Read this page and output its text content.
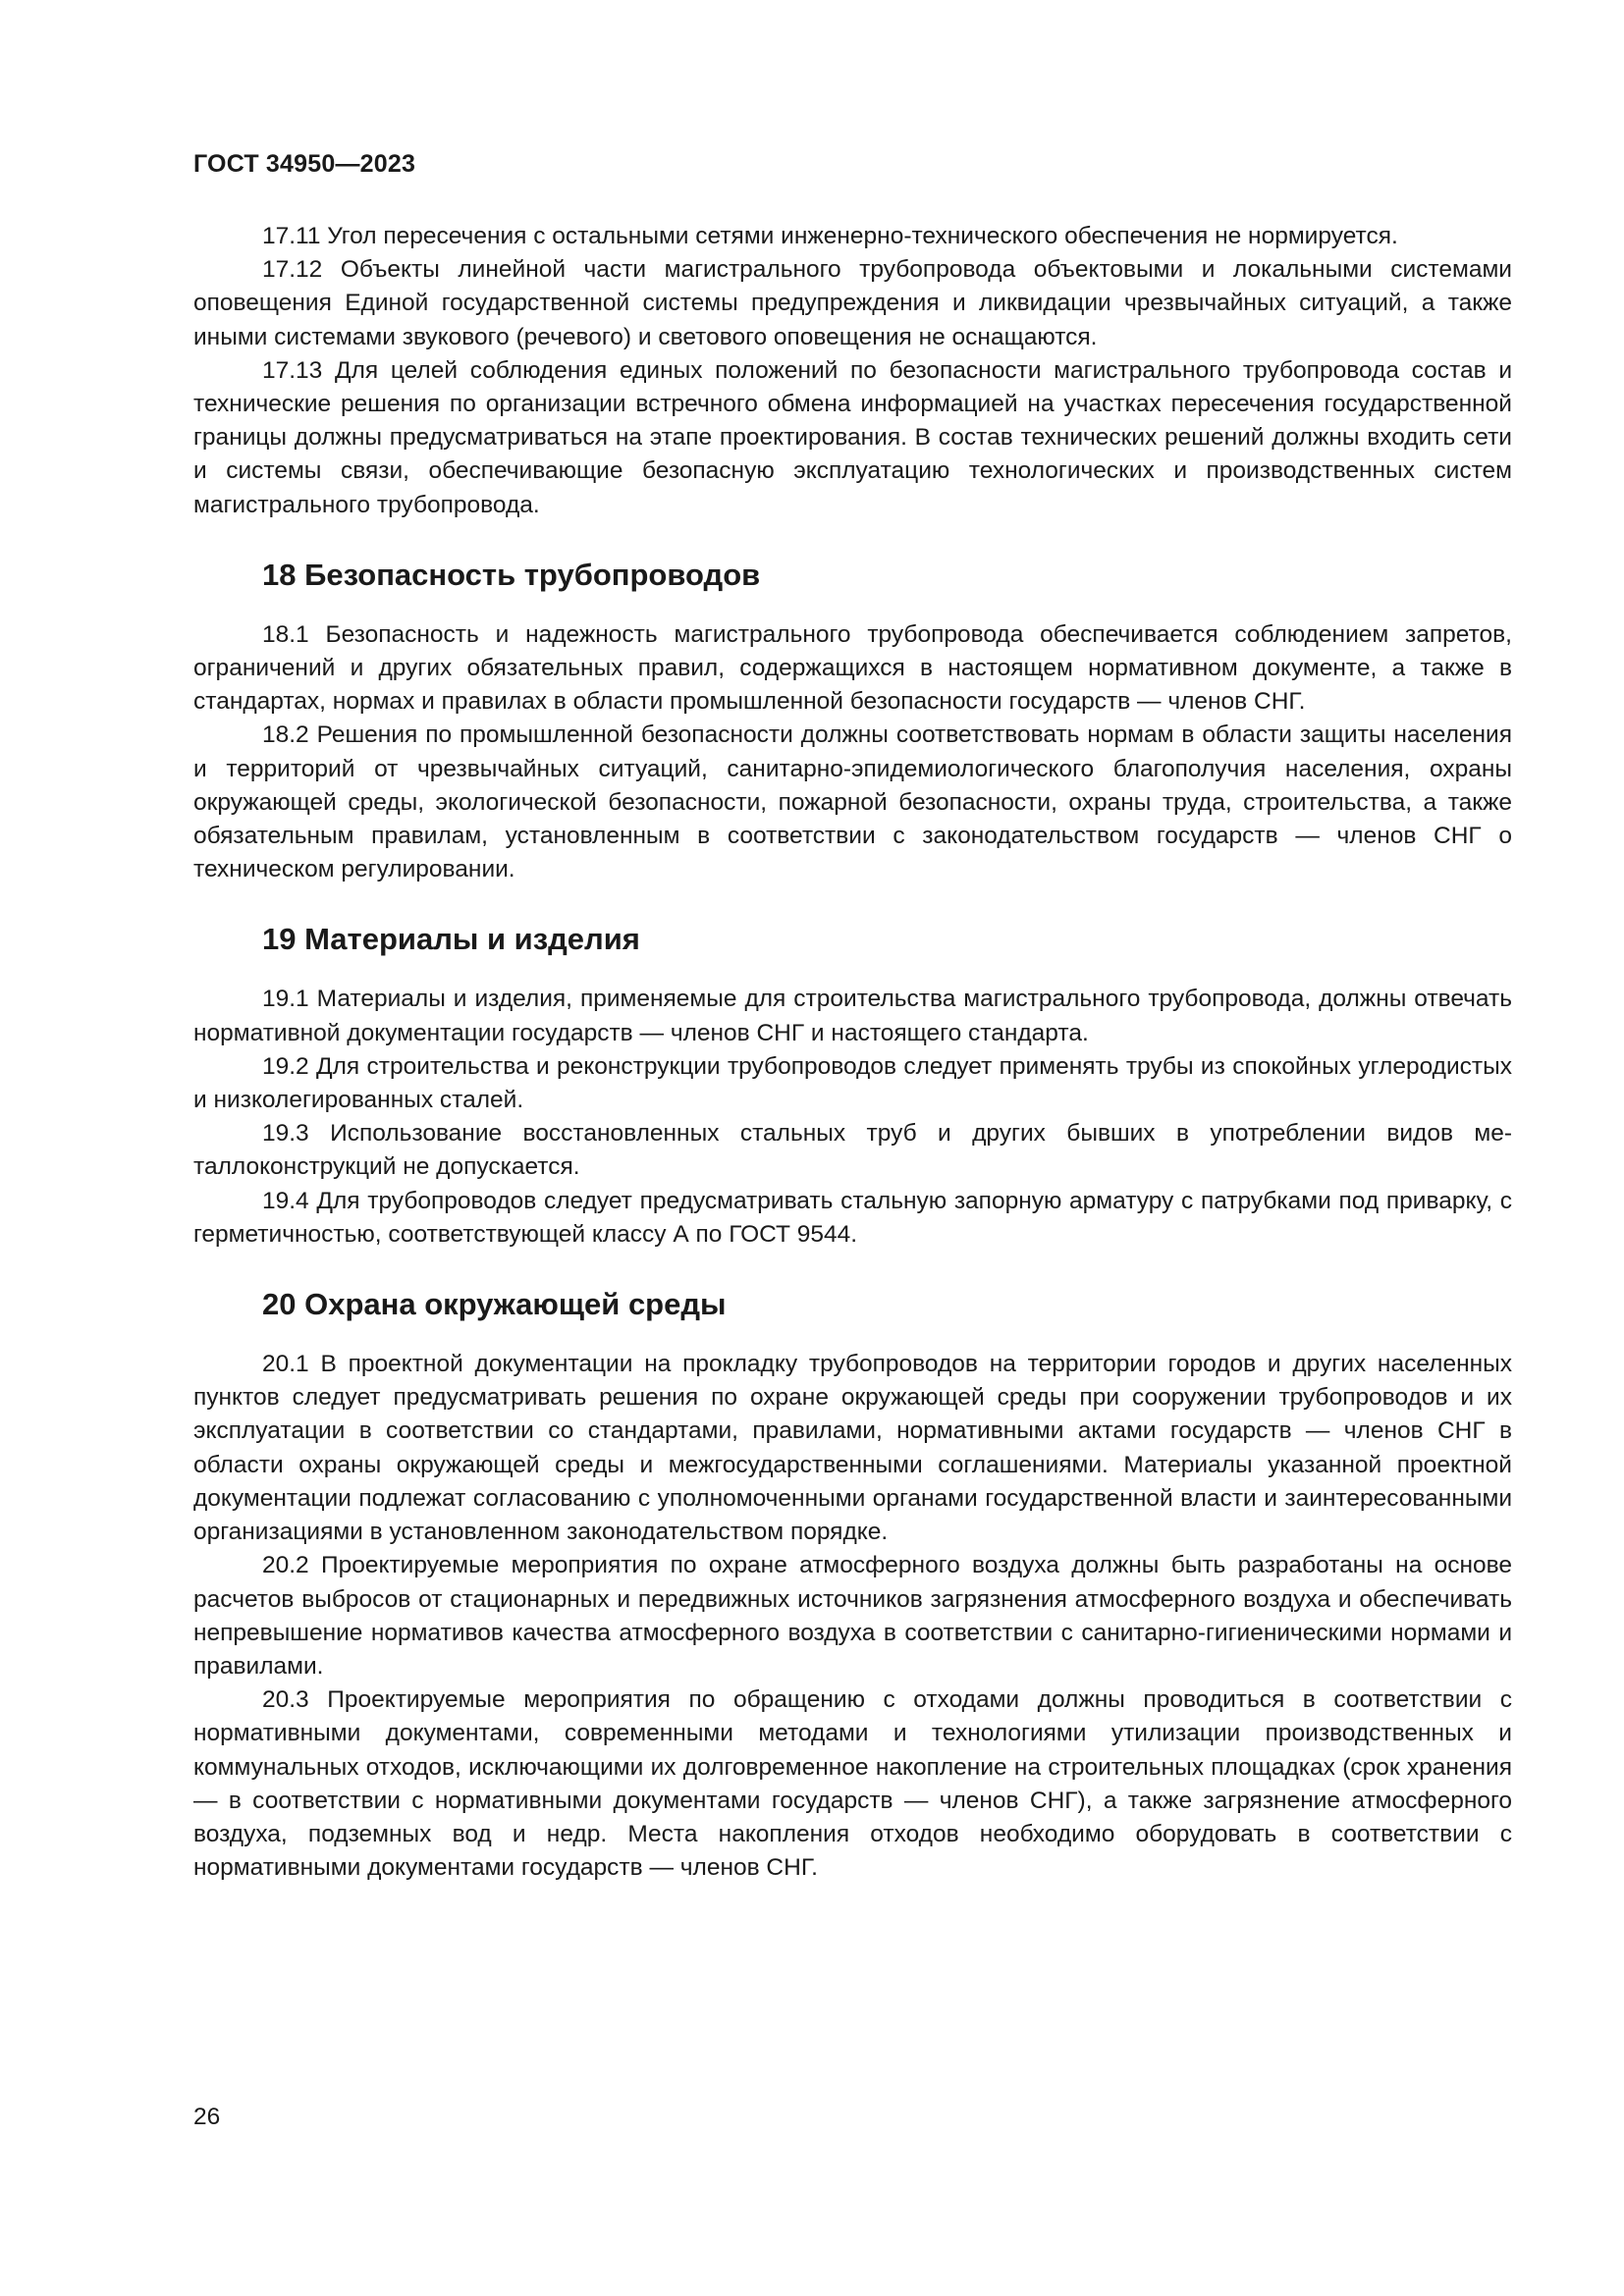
ГОСТ 34950—2023

17.11 Угол пересечения с остальными сетями инженерно-технического обеспечения не нормируется.

17.12 Объекты линейной части магистрального трубопровода объектовыми и локальными системами оповещения Единой государственной системы предупреждения и ликвидации чрезвычайных ситуаций, а также иными системами звукового (речевого) и светового оповещения не оснащаются.

17.13 Для целей соблюдения единых положений по безопасности магистрального трубопровода состав и технические решения по организации встречного обмена информацией на участках пересечения государственной границы должны предусматриваться на этапе проектирования. В состав технических решений должны входить сети и системы связи, обеспечивающие безопасную эксплуатацию технологических и производственных систем магистрального трубопровода.

18 Безопасность трубопроводов

18.1 Безопасность и надежность магистрального трубопровода обеспечивается соблюдением запретов, ограничений и других обязательных правил, содержащихся в настоящем нормативном документе, а также в стандартах, нормах и правилах в области промышленной безопасности государств — членов СНГ.

18.2 Решения по промышленной безопасности должны соответствовать нормам в области защиты населения и территорий от чрезвычайных ситуаций, санитарно-эпидемиологического благополучия населения, охраны окружающей среды, экологической безопасности, пожарной безопасности, охраны труда, строительства, а также обязательным правилам, установленным в соответствии с законодательством государств — членов СНГ о техническом регулировании.

19 Материалы и изделия

19.1 Материалы и изделия, применяемые для строительства магистрального трубопровода, должны отвечать нормативной документации государств — членов СНГ и настоящего стандарта.

19.2 Для строительства и реконструкции трубопроводов следует применять трубы из спокойных углеродистых и низколегированных сталей.

19.3 Использование восстановленных стальных труб и других бывших в употреблении видов металлоконструкций не допускается.

19.4 Для трубопроводов следует предусматривать стальную запорную арматуру с патрубками под приварку, с герметичностью, соответствующей классу А по ГОСТ 9544.

20 Охрана окружающей среды

20.1 В проектной документации на прокладку трубопроводов на территории городов и других населенных пунктов следует предусматривать решения по охране окружающей среды при сооружении трубопроводов и их эксплуатации в соответствии со стандартами, правилами, нормативными актами государств — членов СНГ в области охраны окружающей среды и межгосударственными соглашениями. Материалы указанной проектной документации подлежат согласованию с уполномоченными органами государственной власти и заинтересованными организациями в установленном законодательством порядке.

20.2 Проектируемые мероприятия по охране атмосферного воздуха должны быть разработаны на основе расчетов выбросов от стационарных и передвижных источников загрязнения атмосферного воздуха и обеспечивать непревышение нормативов качества атмосферного воздуха в соответствии с санитарно-гигиеническими нормами и правилами.

20.3 Проектируемые мероприятия по обращению с отходами должны проводиться в соответствии с нормативными документами, современными методами и технологиями утилизации производственных и коммунальных отходов, исключающими их долговременное накопление на строительных площадках (срок хранения — в соответствии с нормативными документами государств — членов СНГ), а также загрязнение атмосферного воздуха, подземных вод и недр. Места накопления отходов необходимо оборудовать в соответствии с нормативными документами государств — членов СНГ.

26
